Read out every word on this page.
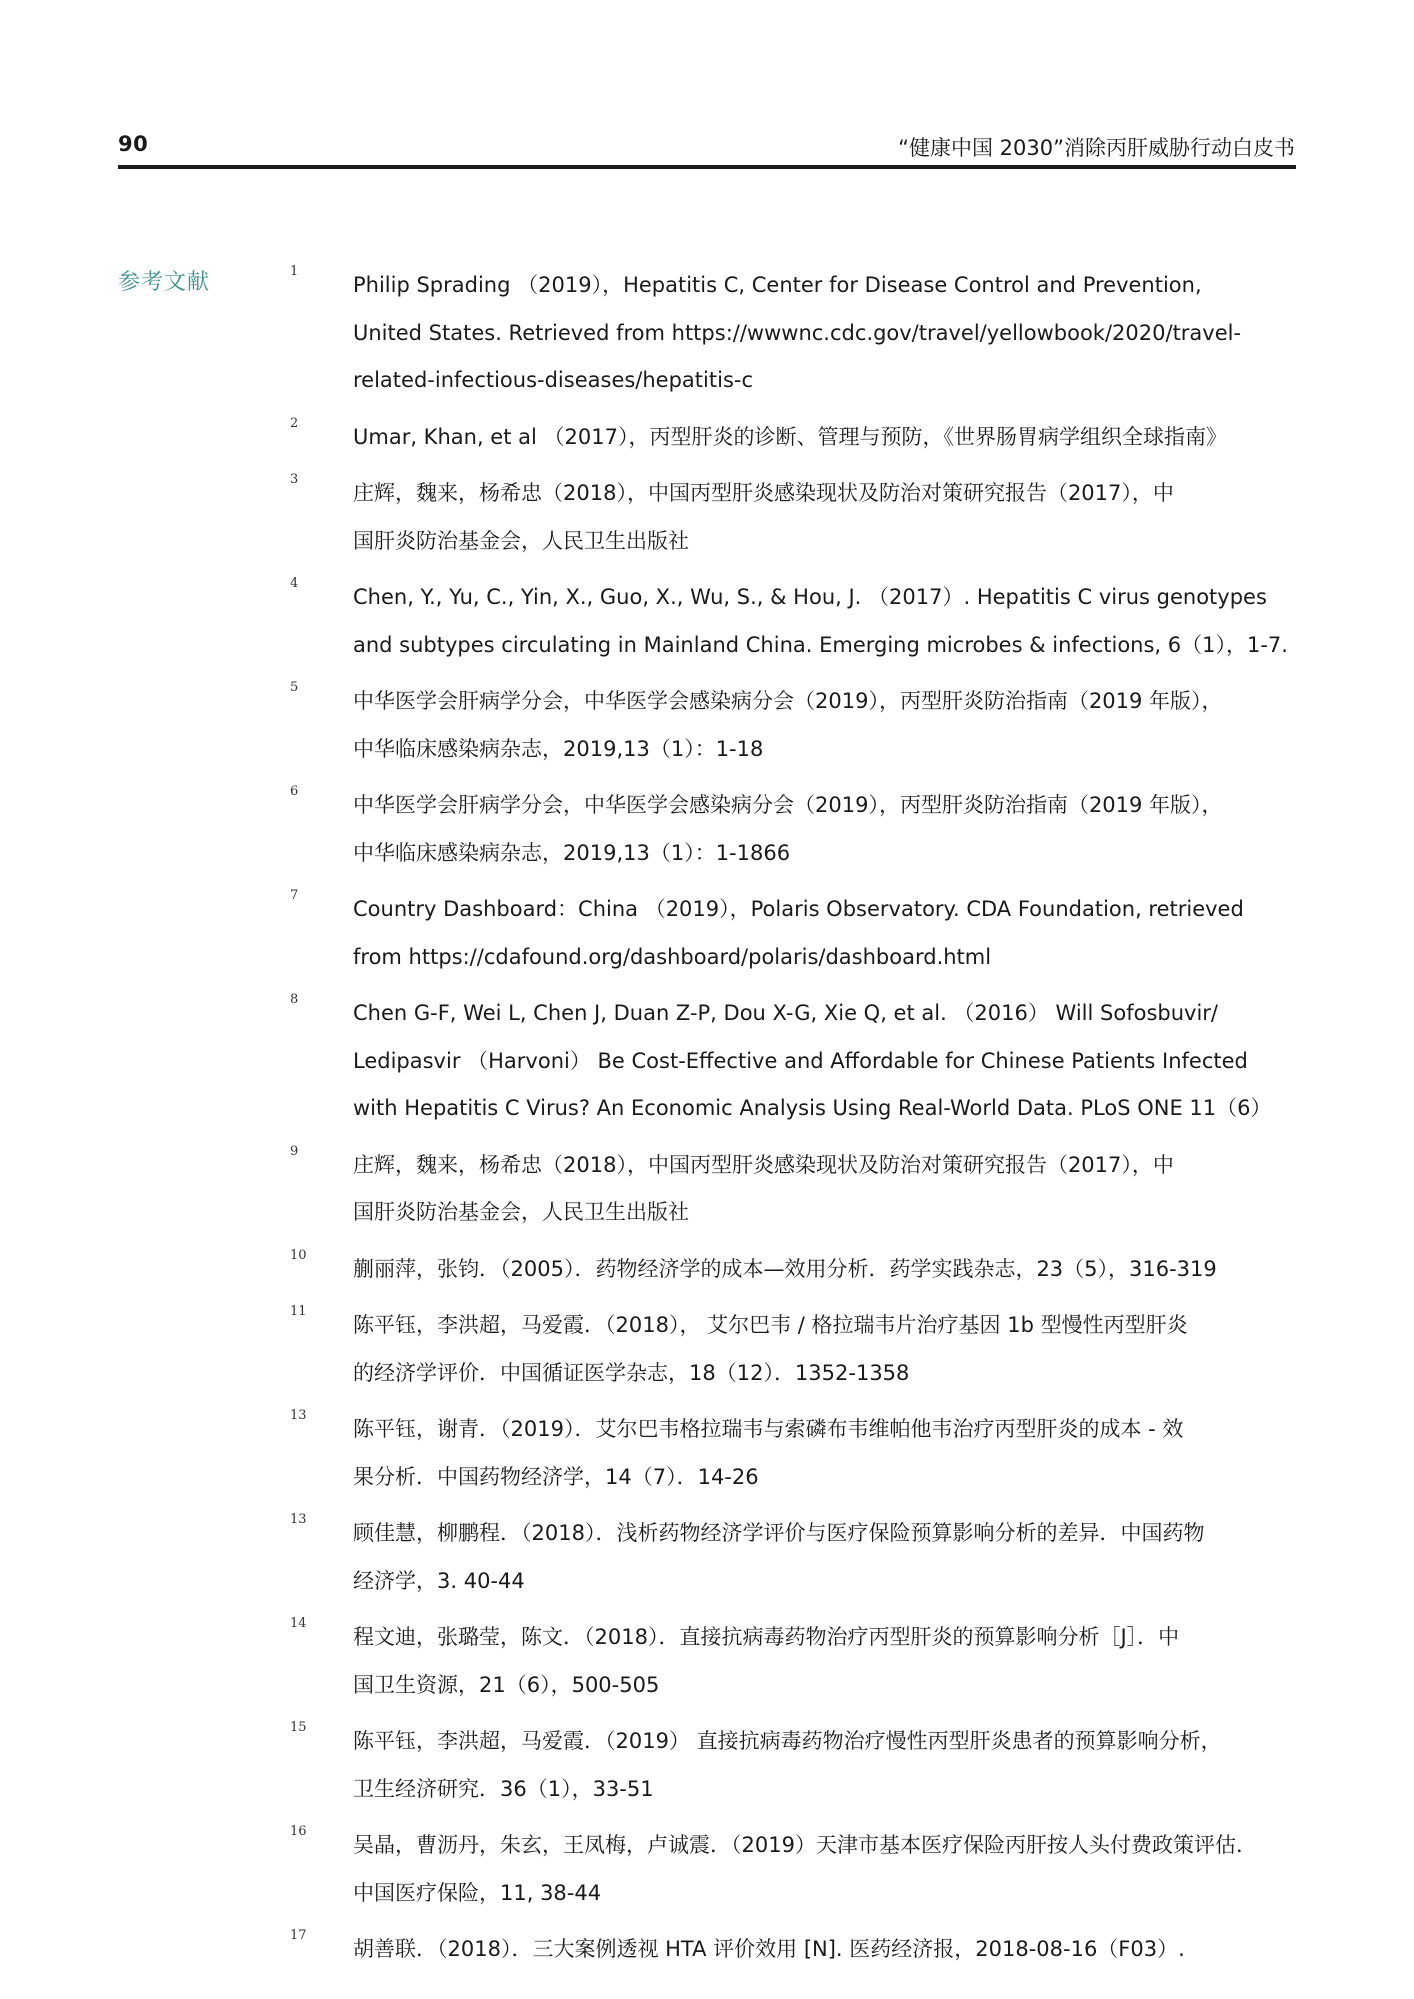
90	“健康中国 2030”消除丙肝威胁行动白皮书
参考文献	1
Philip Sprading （2019），Hepatitis C, Center for Disease Control and Prevention,
United States. Retrieved from https://wwwnc.cdc.gov/travel/yellowbook/2020/travel-
related-infectious-diseases/hepatitis-c
2
Umar, Khan, et al （2017），丙型肝炎的诊断、管理与预防，《世界肠胃病学组织全球指南》
3
庄辉，魏来，杨希忠（2018），中国丙型肝炎感染现状及防治对策研究报告（2017），中
国肝炎防治基金会，人民卫生出版社
4
Chen, Y., Yu, C., Yin, X., Guo, X., Wu, S., & Hou, J. （2017）. Hepatitis C virus genotypes
and subtypes circulating in Mainland China. Emerging microbes & infections, 6（1），1-7.
5
中华医学会肝病学分会，中华医学会感染病分会（2019），丙型肝炎防治指南（2019 年版），
中华临床感染病杂志，2019,13（1）：1-18
6
中华医学会肝病学分会，中华医学会感染病分会（2019），丙型肝炎防治指南（2019 年版），
中华临床感染病杂志，2019,13（1）：1-1866
7
Country Dashboard：China （2019），Polaris Observatory. CDA Foundation, retrieved
from https://cdafound.org/dashboard/polaris/dashboard.html
8
Chen G-F, Wei L, Chen J, Duan Z-P, Dou X-G, Xie Q, et al. （2016） Will Sofosbuvir/
Ledipasvir （Harvoni） Be Cost-Effective and Affordable for Chinese Patients Infected
with Hepatitis C Virus? An Economic Analysis Using Real-World Data. PLoS ONE 11（6）
9
庄辉，魏来，杨希忠（2018），中国丙型肝炎感染现状及防治对策研究报告（2017），中
国肝炎防治基金会，人民卫生出版社
10
蒯丽萍，张钧．（2005）．药物经济学的成本—效用分析．药学实践杂志，23（5），316-319
11
陈平钰，李洪超，马爱霞．（2018）， 艾尔巴韦 / 格拉瑞韦片治疗基因 1b 型慢性丙型肝炎
的经济学评价．中国循证医学杂志，18（12）．1352-1358
13
陈平钰，谢青．（2019）．艾尔巴韦格拉瑞韦与索磷布韦维帕他韦治疗丙型肝炎的成本 - 效
果分析．中国药物经济学，14（7）．14-26
13
顾佳慧，柳鹏程．（2018）．浅析药物经济学评价与医疗保险预算影响分析的差异．中国药物
经济学，3. 40-44
14
程文迪，张璐莹，陈文．（2018）．直接抗病毒药物治疗丙型肝炎的预算影响分析［J］．中
国卫生资源，21（6），500-505
15
陈平钰，李洪超，马爱霞．（2019） 直接抗病毒药物治疗慢性丙型肝炎患者的预算影响分析，
卫生经济研究．36（1），33-51
16
吴晶，曹沥丹，朱玄，王凤梅，卢诚震．（2019）天津市基本医疗保险丙肝按人头付费政策评估．
中国医疗保险，11, 38-44
17
胡善联．（2018）．三大案例透视 HTA 评价效用 [N]. 医药经济报，2018-08-16（F03）.
